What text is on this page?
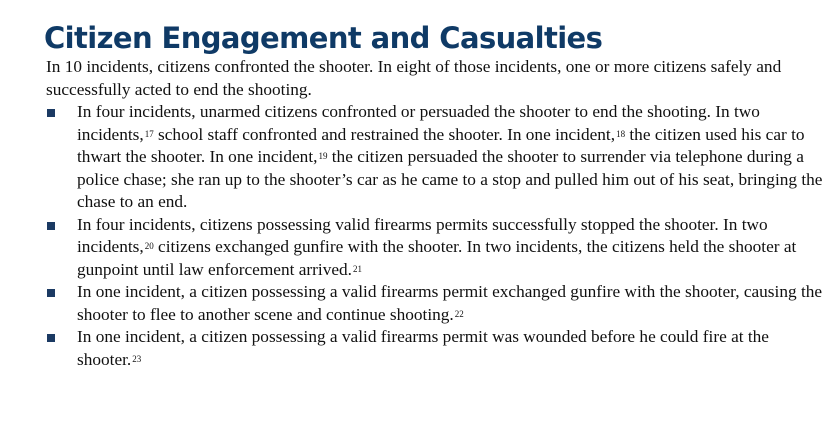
Citizen Engagement and Casualties

In 10 incidents, citizens confronted the shooter. In eight of those incidents, one or more citizens safely and successfully acted to end the shooting.

In four incidents, unarmed citizens confronted or persuaded the shooter to end the shooting. In two incidents,$^{17}$ school staff confronted and restrained the shooter. In one incident,$^{18}$ the citizen used his car to thwart the shooter. In one incident,$^{19}$ the citizen persuaded the shooter to surrender via telephone during a police chase; she ran up to the shooter’s car as he came to a stop and pulled him out of his seat, bringing the chase to an end.
In four incidents, citizens possessing valid firearms permits successfully stopped the shooter. In two incidents,$^{20}$ citizens exchanged gunfire with the shooter. In two incidents, the citizens held the shooter at gunpoint until law enforcement arrived.$^{21}$
In one incident, a citizen possessing a valid firearms permit exchanged gunfire with the shooter, causing the shooter to flee to another scene and continue shooting.$^{22}$
In one incident, a citizen possessing a valid firearms permit was wounded before he could fire at the shooter.$^{23}$
